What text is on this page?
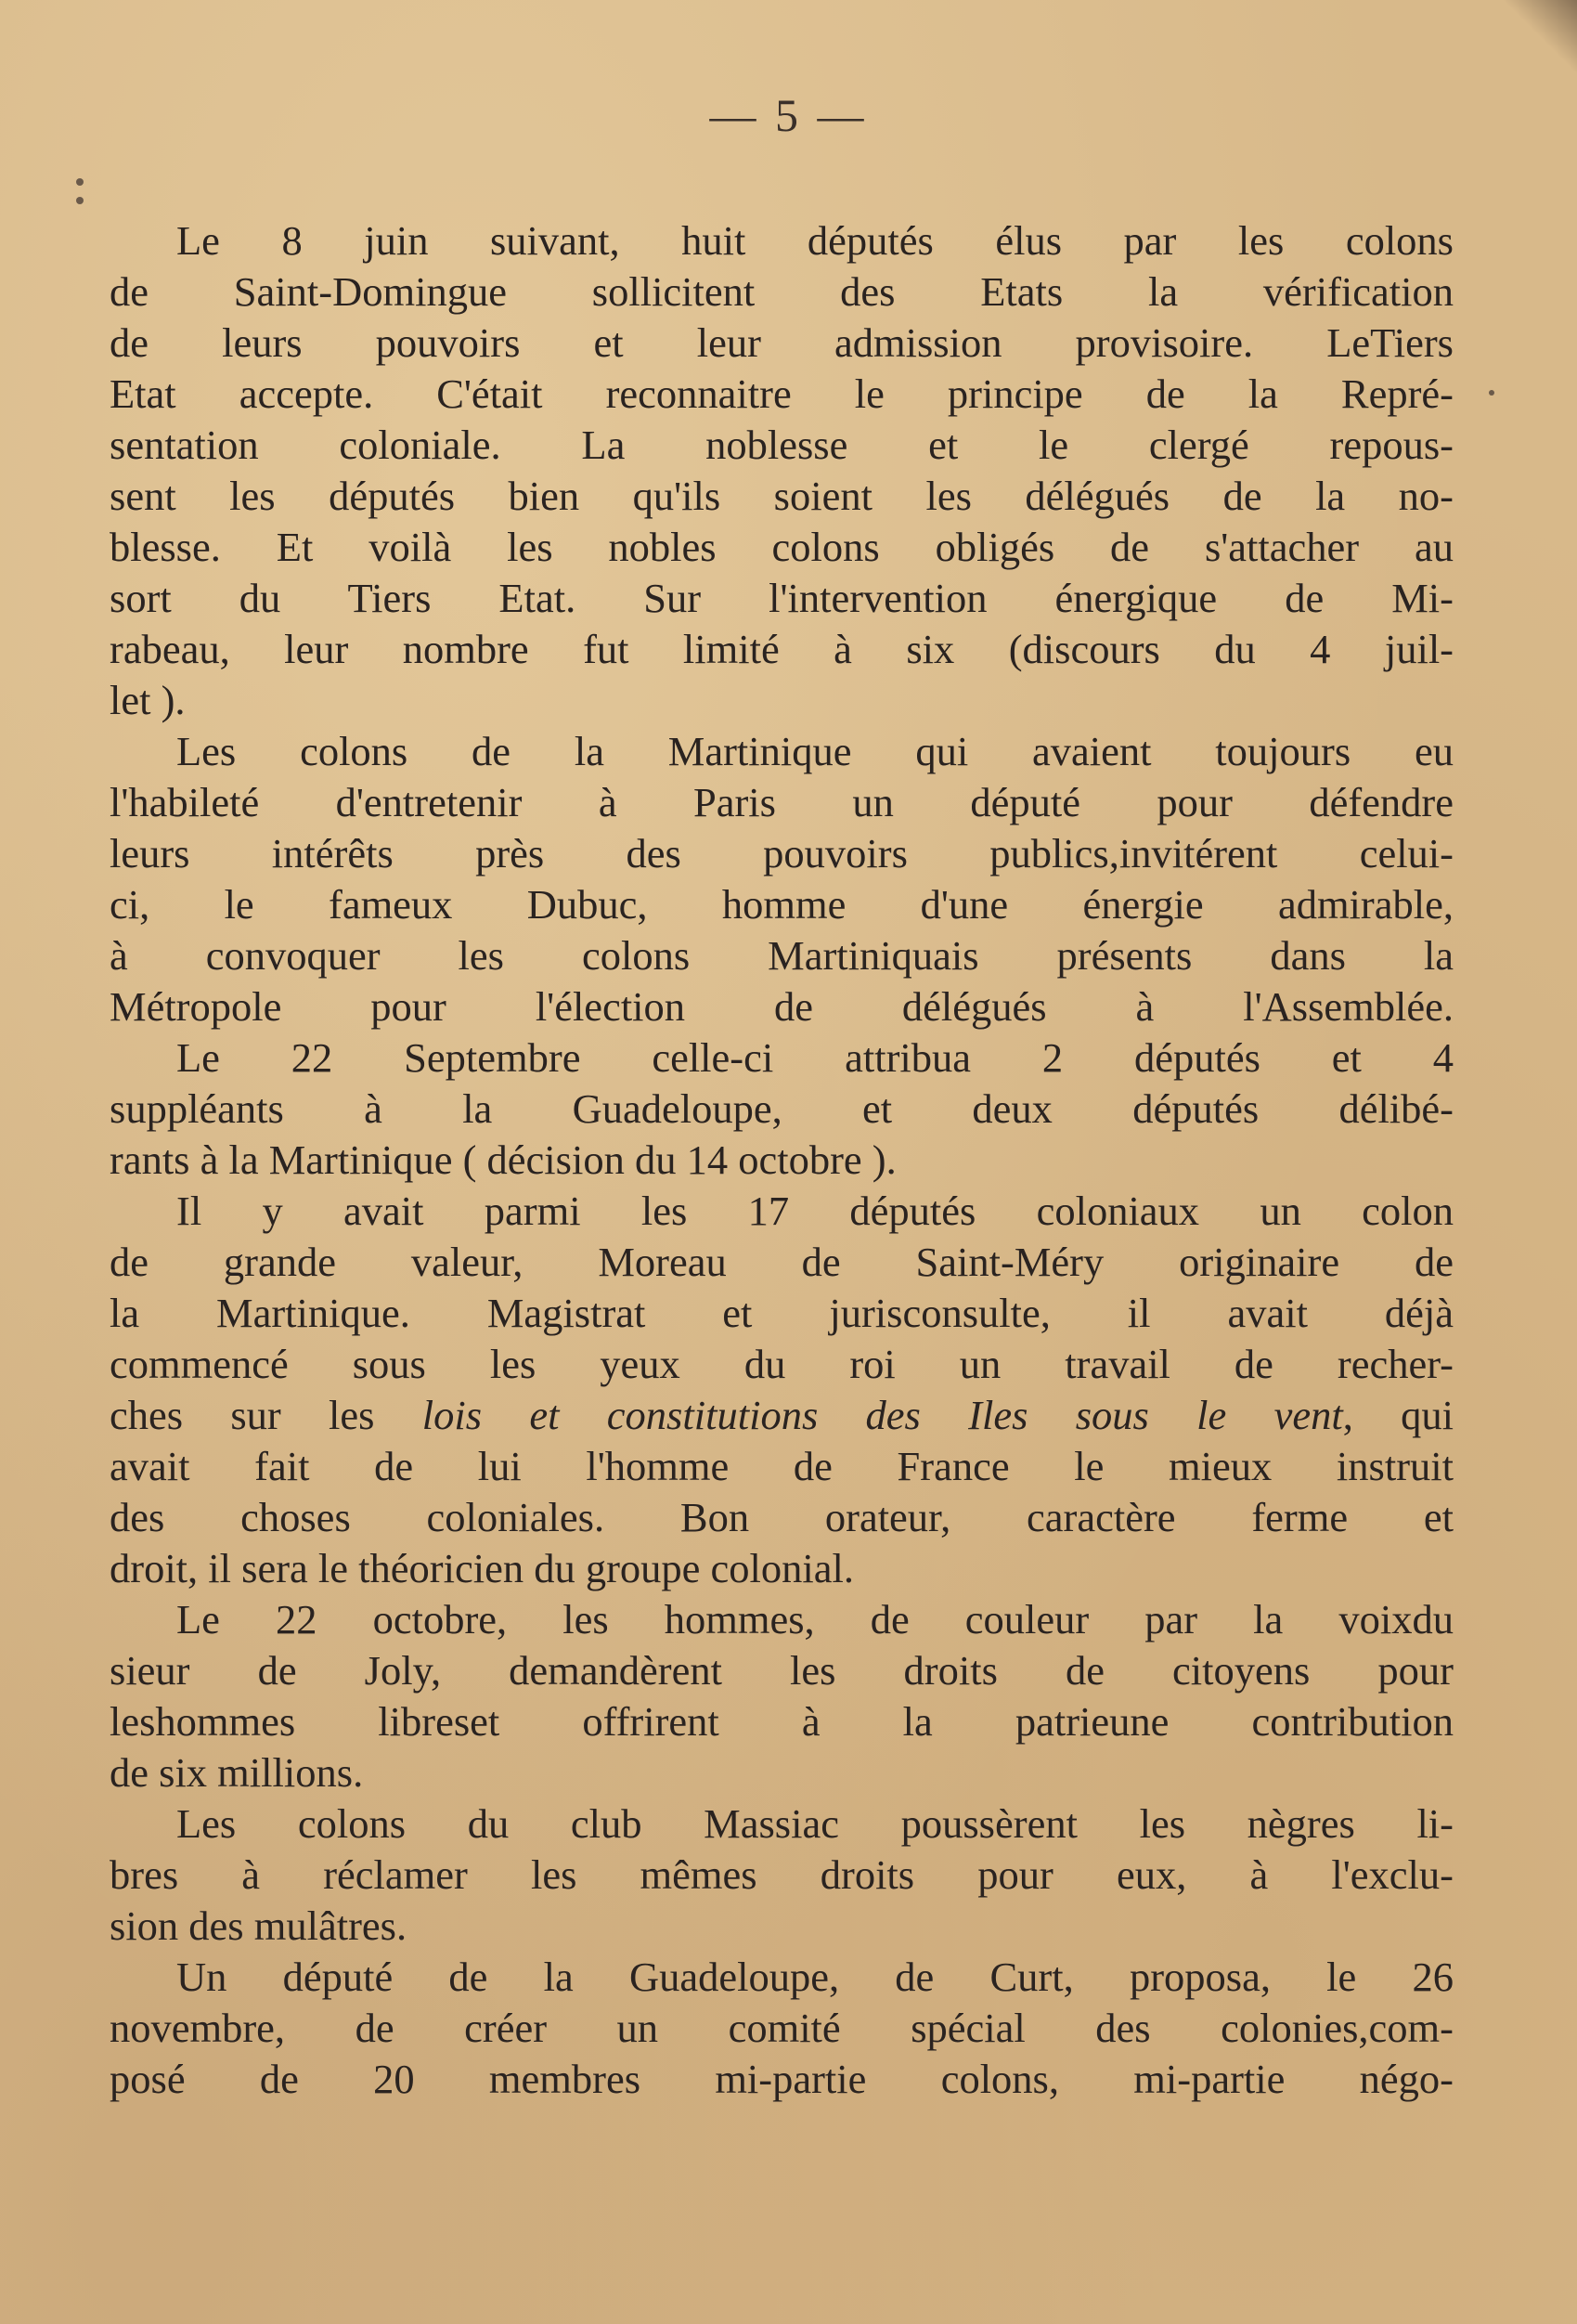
— 5 —
Le 8 juin suivant, huit députés élus par les colons
de Saint-Domingue sollicitent des Etats la vérification
de leurs pouvoirs et leur admission provisoire. LeTiers
Etat accepte. C'était reconnaitre le principe de la Repré-
sentation coloniale. La noblesse et le clergé repous-
sent les députés bien qu'ils soient les délégués de la no-
blesse. Et voilà les nobles colons obligés de s'attacher au
sort du Tiers Etat. Sur l'intervention énergique de Mi-
rabeau, leur nombre fut limité à six (discours du 4 juil-
let ).
Les colons de la Martinique qui avaient toujours eu
l'habileté d'entretenir à Paris un député pour défendre
leurs intérêts près des pouvoirs publics,invitérent celui-
ci, le fameux Dubuc, homme d'une énergie admirable,
à convoquer les colons Martiniquais présents dans la
Métropole pour l'élection de délégués à l'Assemblée.
Le 22 Septembre celle-ci attribua 2 députés et 4
suppléants à la Guadeloupe, et deux députés délibé-
rants à la Martinique ( décision du 14 octobre ).
Il y avait parmi les 17 députés coloniaux un colon
de grande valeur, Moreau de Saint-Méry originaire de
la Martinique. Magistrat et jurisconsulte, il avait déjà
commencé sous les yeux du roi un travail de recher-
ches sur les lois et constitutions des Iles sous le vent, qui
avait fait de lui l'homme de France le mieux instruit
des choses coloniales. Bon orateur, caractère ferme et
droit, il sera le théoricien du groupe colonial.
Le 22 octobre, les hommes, de couleur par la voixdu
sieur de Joly, demandèrent les droits de citoyens pour
leshommes libreset offrirent à la patrieune contribution
de six millions.
Les colons du club Massiac poussèrent les nègres li-
bres à réclamer les mêmes droits pour eux, à l'exclu-
sion des mulâtres.
Un député de la Guadeloupe, de Curt, proposa, le 26
novembre, de créer un comité spécial des colonies,com-
posé de 20 membres mi-partie colons, mi-partie négo-
